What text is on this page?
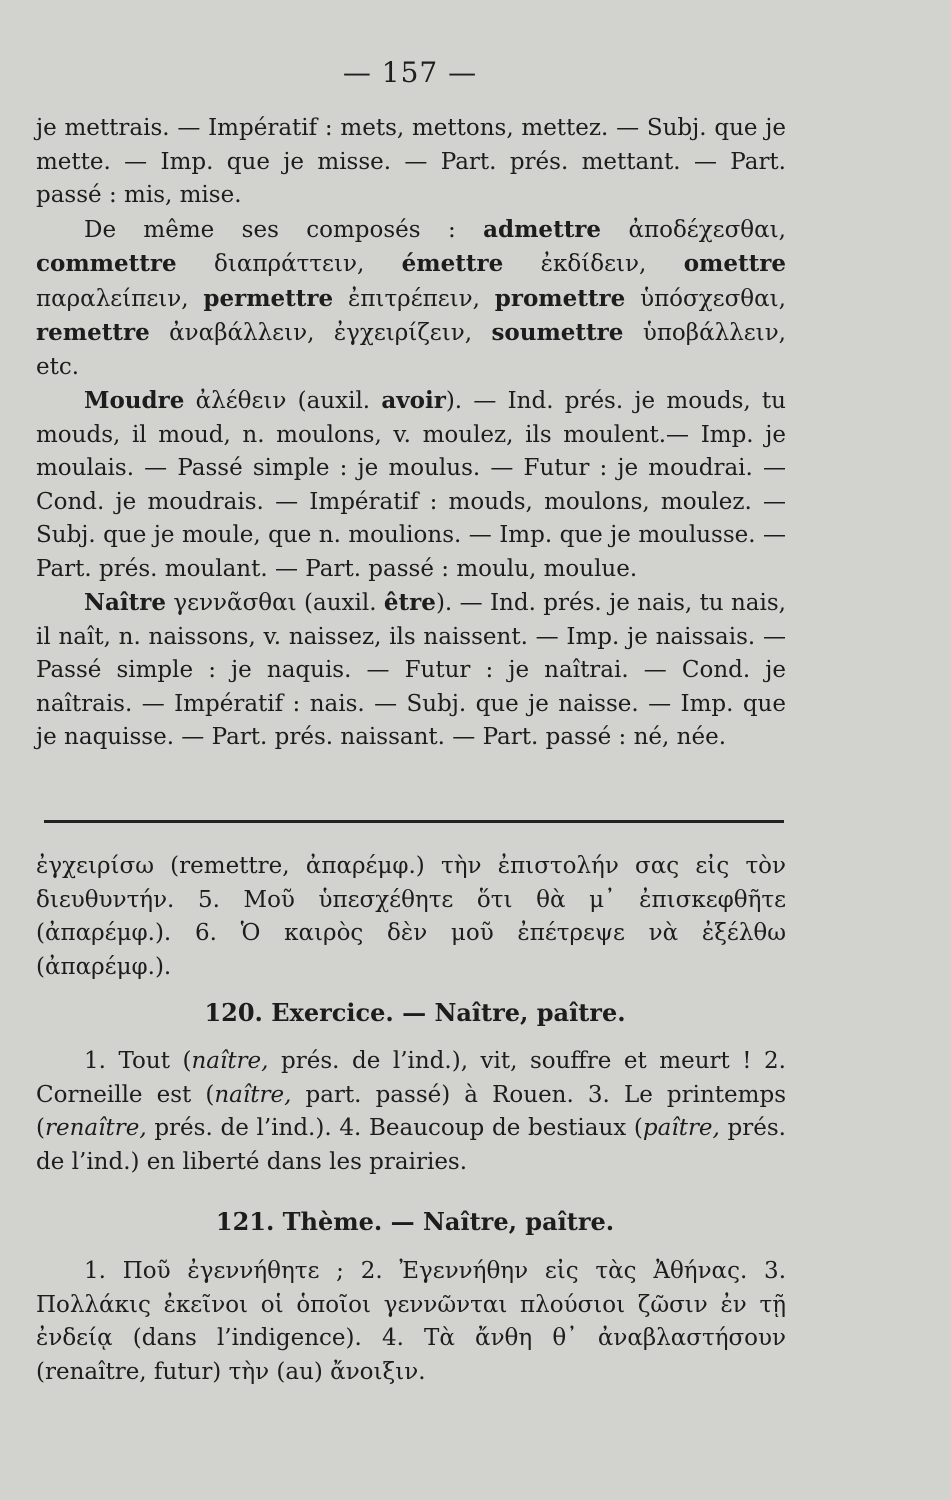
— 157 —

je mettrais. — Impératif : mets, mettons, mettez. — Subj. que je mette. — Imp. que je misse. — Part. prés. mettant. — Part. passé : mis, mise.

De même ses composés : admettre ἀποδέχεσθαι, commettre διαπράττειν, émettre ἐκδίδειν, omettre παραλείπειν, permettre ἐπιτρέπειν, promettre ὑπόσχεσθαι, remettre ἀναβάλλειν, ἐγχειρίζειν, soumettre ὑποβάλλειν, etc.

Moudre ἀλέθειν (auxil. avoir). — Ind. prés. je mouds, tu mouds, il moud, n. moulons, v. moulez, ils moulent.— Imp. je moulais. — Passé simple : je moulus. — Futur : je moudrai. — Cond. je moudrais. — Impératif : mouds, moulons, moulez. — Subj. que je moule, que n. moulions. — Imp. que je moulusse. — Part. prés. moulant. — Part. passé : moulu, moulue.

Naître γεννᾶσθαι (auxil. être). — Ind. prés. je nais, tu nais, il naît, n. naissons, v. naissez, ils naissent. — Imp. je naissais. — Passé simple : je naquis. — Futur : je naîtrai. — Cond. je naîtrais. — Impératif : nais. — Subj. que je naisse. — Imp. que je naquisse. — Part. prés. naissant. — Part. passé : né, née.

ἐγχειρίσω (remettre, ἀπαρέμφ.) τὴν ἐπιστολήν σας εἰς τὸν διευθυντήν. 5. Μοῦ ὑπεσχέθητε ὅτι θὰ μ᾽ ἐπισκεφθῆτε (ἀπαρέμφ.). 6. Ὁ καιρὸς δὲν μοῦ ἐπέτρεψε νὰ ἐξέλθω (ἀπαρέμφ.).

120. Exercice. — Naître, paître.

1. Tout (naître, prés. de l’ind.), vit, souffre et meurt ! 2. Corneille est (naître, part. passé) à Rouen. 3. Le printemps (renaître, prés. de l’ind.). 4. Beaucoup de bestiaux (paître, prés. de l’ind.) en liberté dans les prairies.

121. Thème. — Naître, paître.

1. Ποῦ ἐγεννήθητε ; 2. Ἐγεννήθην εἰς τὰς Ἀθήνας. 3. Πολλάκις ἐκεῖνοι οἱ ὁποῖοι γεννῶνται πλούσιοι ζῶσιν ἐν τῇ ἐνδείᾳ (dans l’indigence). 4. Τὰ ἄνθη θ᾽ ἀναβλαστήσουν (renaître, futur) τὴν (au) ἄνοιξιν.
